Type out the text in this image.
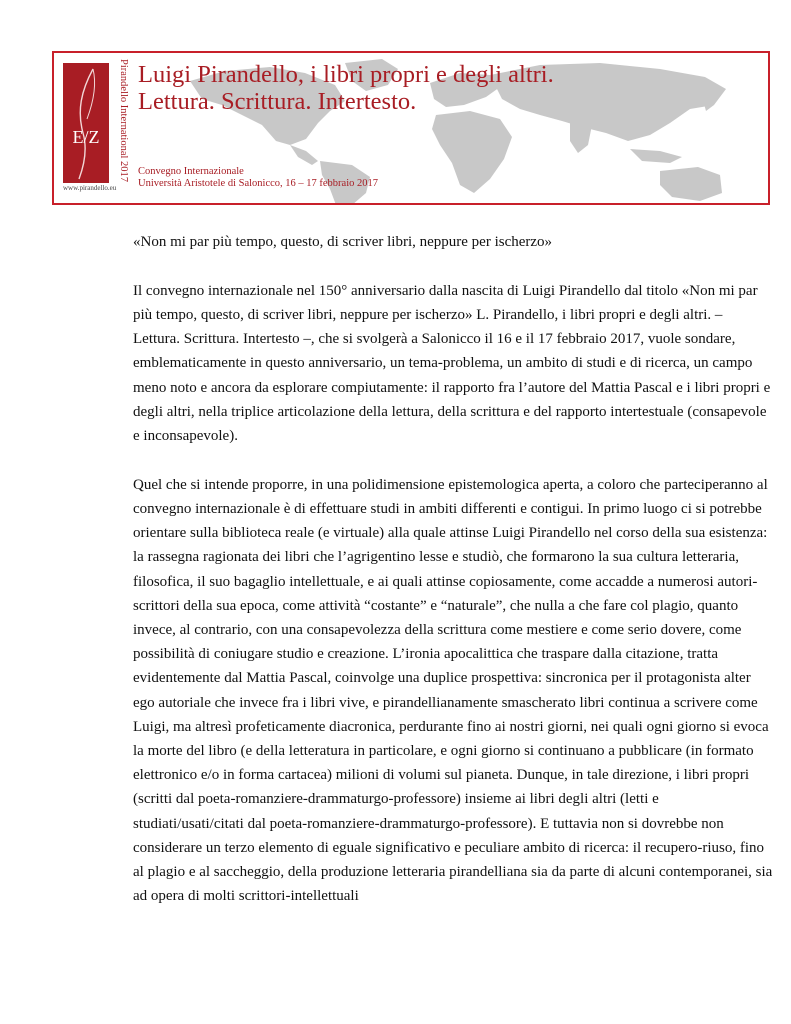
E/Z	Pirandello International 2017
www.pirandello.eu
Luigi Pirandello, i libri propri e degli altri.
Lettura. Scrittura. Intertesto.
Convegno Internazionale
Università Aristotele di Salonicco, 16 – 17 febbraio 2017

«Non mi par più tempo, questo, di scriver libri, neppure per ischerzo»

Il convegno internazionale nel 150° anniversario dalla nascita di Luigi Pirandello dal titolo «Non mi par più tempo, questo, di scriver libri, neppure per ischerzo» L. Pirandello, i libri propri e degli altri. – Lettura. Scrittura. Intertesto –, che si svolgerà a Salonicco il 16 e il 17 febbraio 2017, vuole sondare, emblematicamente in questo anniversario, un tema-problema, un ambito di studi e di ricerca, un campo meno noto e ancora da esplorare compiutamente: il rapporto fra l’autore del Mattia Pascal e i libri propri e degli altri, nella triplice articolazione della lettura, della scrittura e del rapporto intertestuale (consapevole e inconsapevole).

Quel che si intende proporre, in una polidimensione epistemologica aperta, a coloro che parteciperanno al convegno internazionale è di effettuare studi in ambiti differenti e contigui. In primo luogo ci si potrebbe orientare sulla biblioteca reale (e virtuale) alla quale attinse Luigi Pirandello nel corso della sua esistenza: la rassegna ragionata dei libri che l’agrigentino lesse e studiò, che formarono la sua cultura letteraria, filosofica, il suo bagaglio intellettuale, e ai quali attinse copiosamente, come accadde a numerosi autori-scrittori della sua epoca, come attività “costante” e “naturale”, che nulla a che fare col plagio, quanto invece, al contrario, con una consapevolezza della scrittura come mestiere e come serio dovere, come possibilità di coniugare studio e creazione. L’ironia apocalittica che traspare dalla citazione, tratta evidentemente dal Mattia Pascal, coinvolge una duplice prospettiva: sincronica per il protagonista alter ego autoriale che invece fra i libri vive, e pirandellianamente smascherato libri continua a scrivere come Luigi, ma altresì profeticamente diacronica, perdurante fino ai nostri giorni, nei quali ogni giorno si evoca la morte del libro (e della letteratura in particolare, e ogni giorno si continuano a pubblicare (in formato elettronico e/o in forma cartacea) milioni di volumi sul pianeta. Dunque, in tale direzione, i libri propri (scritti dal poeta-romanziere-drammaturgo-professore) insieme ai libri degli altri (letti e studiati/usati/citati dal poeta-romanziere-drammaturgo-professore). E tuttavia non si dovrebbe non considerare un terzo elemento di eguale significativo e peculiare ambito di ricerca: il recupero-riuso, fino al plagio e al saccheggio, della produzione letteraria pirandelliana sia da parte di alcuni contemporanei, sia ad opera di molti scrittori-intellettuali
